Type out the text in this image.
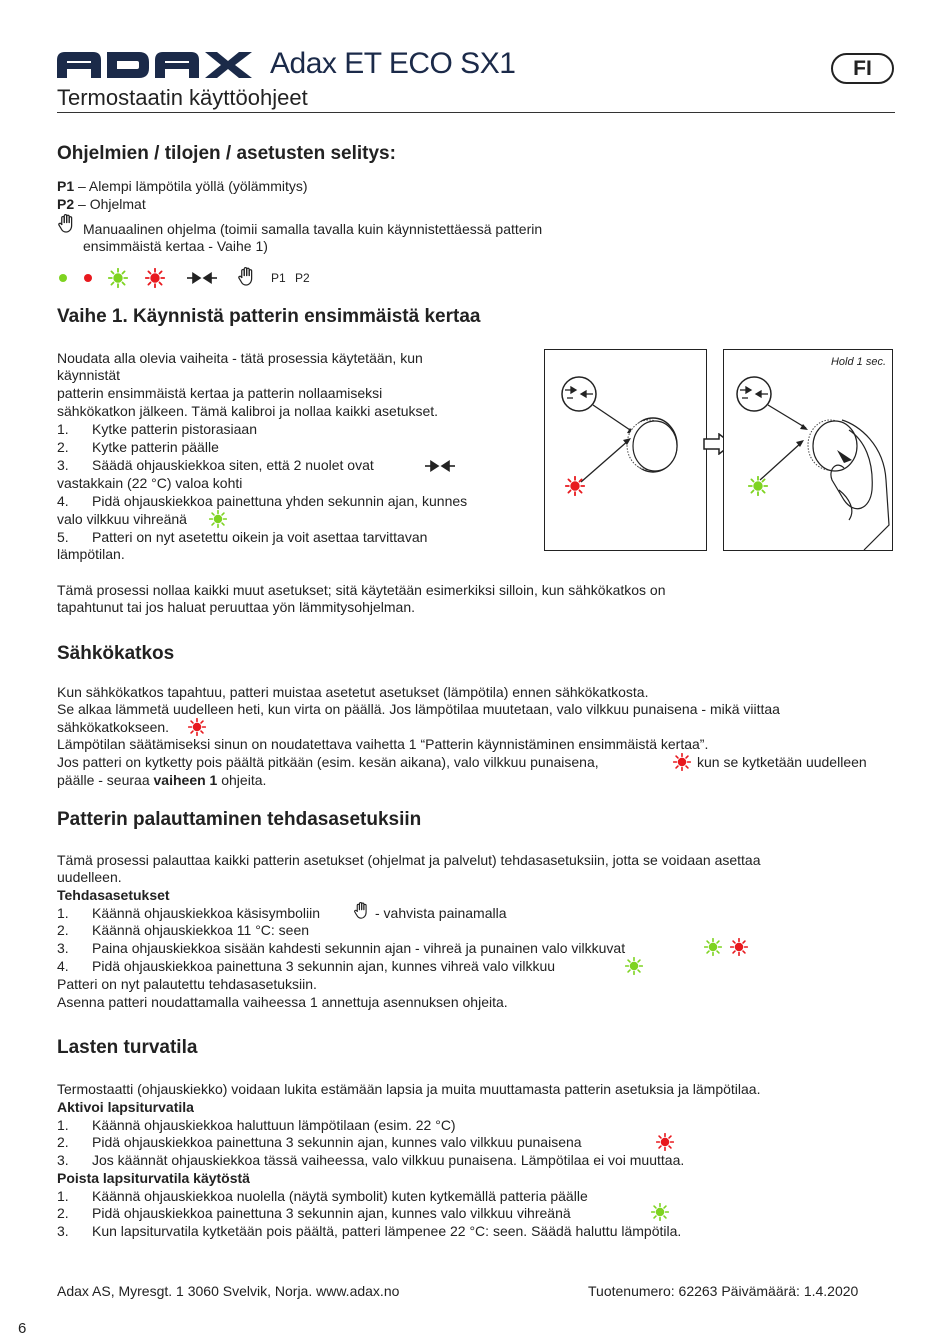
Adax ET ECO SX1	FI
Termostaatin käyttöohjeet
Ohjelmien / tilojen / asetusten selitys:
P1 – Alempi lämpötila yöllä (yölämmitys)
P2 – Ohjelmat
Manuaalinen ohjelma (toimii samalla tavalla kuin käynnistettäessä patterin
ensimmäistä kertaa - Vaihe 1)
P1 P2
Vaihe 1. Käynnistä patterin ensimmäistä kertaa
Noudata alla olevia vaiheita - tätä prosessia käytetään, kun
käynnistät
patterin ensimmäistä kertaa ja patterin nollaamiseksi
sähkökatkon jälkeen. Tämä kalibroi ja nollaa kaikki asetukset.
1. Kytke patterin pistorasiaan
2. Kytke patterin päälle
3. Säädä ohjauskiekkoa siten, että 2 nuolet ovat
vastakkain (22 °C) valoa kohti
4. Pidä ohjauskiekkoa painettuna yhden sekunnin ajan, kunnes
valo vilkkuu vihreänä
5. Patteri on nyt asetettu oikein ja voit asettaa tarvittavan
lämpötilan.
Hold 1 sec.
Tämä prosessi nollaa kaikki muut asetukset; sitä käytetään esimerkiksi silloin, kun sähkökatkos on
tapahtunut tai jos haluat peruuttaa yön lämmitysohjelman.
Sähkökatkos
Kun sähkökatkos tapahtuu, patteri muistaa asetetut asetukset (lämpötila) ennen sähkökatkosta.
Se alkaa lämmetä uudelleen heti, kun virta on päällä. Jos lämpötilaa muutetaan, valo vilkkuu punaisena - mikä viittaa
sähkökatkokseen.
Lämpötilan säätämiseksi sinun on noudatettava vaihetta 1 “Patterin käynnistäminen ensimmäistä kertaa”.
Jos patteri on kytketty pois päältä pitkään (esim. kesän aikana), valo vilkkuu punaisena,	kun se kytketään uudelleen
päälle - seuraa vaiheen 1 ohjeita.
Patterin palauttaminen tehdasasetuksiin
Tämä prosessi palauttaa kaikki patterin asetukset (ohjelmat ja palvelut) tehdasasetuksiin, jotta se voidaan asettaa
uudelleen.
Tehdasasetukset
1. Käännä ohjauskiekkoa käsisymboliin	- vahvista painamalla
2. Käännä ohjauskiekkoa 11 °C: seen
3. Paina ohjauskiekkoa sisään kahdesti sekunnin ajan - vihreä ja punainen valo vilkkuvat
4. Pidä ohjauskiekkoa painettuna 3 sekunnin ajan, kunnes vihreä valo vilkkuu
Patteri on nyt palautettu tehdasasetuksiin.
Asenna patteri noudattamalla vaiheessa 1 annettuja asennuksen ohjeita.
Lasten turvatila
Termostaatti (ohjauskiekko) voidaan lukita estämään lapsia ja muita muuttamasta patterin asetuksia ja lämpötilaa.
Aktivoi lapsiturvatila
1. Käännä ohjauskiekkoa haluttuun lämpötilaan (esim. 22 °C)
2. Pidä ohjauskiekkoa painettuna 3 sekunnin ajan, kunnes valo vilkkuu punaisena
3. Jos käännät ohjauskiekkoa tässä vaiheessa, valo vilkkuu punaisena. Lämpötilaa ei voi muuttaa.
Poista lapsiturvatila käytöstä
1. Käännä ohjauskiekkoa nuolella (näytä symbolit) kuten kytkemällä patteria päälle
2. Pidä ohjauskiekkoa painettuna 3 sekunnin ajan, kunnes valo vilkkuu vihreänä
3. Kun lapsiturvatila kytketään pois päältä, patteri lämpenee 22 °C: seen. Säädä haluttu lämpötila.
Adax AS, Myresgt. 1 3060 Svelvik, Norja. www.adax.no	Tuotenumero: 62263 Päivämäärä: 1.4.2020
6
